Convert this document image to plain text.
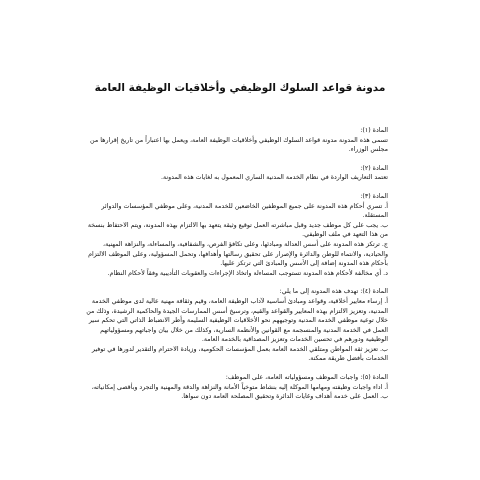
مدونة قواعد السلوك الوظيفي وأخلاقيات الوظيفة العامة

المادة (١):

تسمى هذه المدونة مدونة قواعد السلوك الوظيفي وأخلاقيات الوظيفة العامة، ويعمل بها اعتباراً من تاريخ إقرارها من مجلس الوزراء.

المادة (٢):

تعتمد التعاريف الواردة في نظام الخدمة المدنية الساري المعمول به لغايات هذه المدونة.

المادة (٣):

أ. تسري أحكام هذه المدونة على جميع الموظفين الخاضعين للخدمة المدنية، وعلى موظفي المؤسسات والدوائر المستقلة.

ب. يجب على كل موظف جديد وقبل مباشرته العمل توقيع وثيقة يتعهد بها الالتزام بهذه المدونة، ويتم الاحتفاظ بنسخة من هذا التعهد في ملف الوظيفي.

ج. ترتكز هذه المدونة على أسس العدالة ومبادئها، وعلى تكافؤ الفرص، والشفافية، والمساءلة، والنزاهة المهنية، والحيادية، والانتماء للوطن والدائرة والإصرار على تحقيق رسالتها وأهدافها، وتحمل المسؤولية، وعلى الموظف الالتزام بأحكام هذه المدونة إضافة إلى الأسس والمبادئ التي ترتكز عليها.

د. أي مخالفة لأحكام هذه المدونة تستوجب المساءلة واتخاذ الإجراءات والعقوبات التأديبية وفقاً لأحكام النظام.

المادة (٤): تهدف هذه المدونة إلى ما يلي:

أ. إرساء معايير أخلاقية، وقواعد ومبادئ أساسية لآداب الوظيفة العامة، وقيم وثقافة مهنية عالية لدى موظفي الخدمة المدنية، وتعزيز الالتزام بهذه المعايير والقواعد والقيم، وترسيخ أسس الممارسات الجيدة والحاكمية الرشيدة، وذلك من خلال توعية موظفي الخدمة المدنية وتوجيههم نحو الأخلاقيات الوظيفية السليمة وأطر الانضباط الذاتي التي تحكم سير العمل في الخدمة المدنية والمنسجمة مع القوانين والأنظمة السارية، وكذلك من خلال بيان واجباتهم ومسؤولياتهم الوظيفية ودورهم في تحسين الخدمات وتعزيز المصداقية بالخدمة العامة.

ب. تعزيز ثقة المواطن ومتلقي الخدمة العامة بعمل المؤسسات الحكومية، وزيادة الاحترام والتقدير لدورها في توفير الخدمات بأفضل طريقة ممكنة.

المادة (٥): واجبات الموظف ومسؤولياته العامة، على الموظف:

أ. اداء واجبات وظيفته ومهامها الموكلة إليه بنشاط متوخياً الأمانة والنزاهة والدقة والمهنية والتجرد وبأقصى إمكانياته،

ب. العمل على خدمة أهداف وغايات الدائرة وتحقيق المصلحة العامة دون سواها.
